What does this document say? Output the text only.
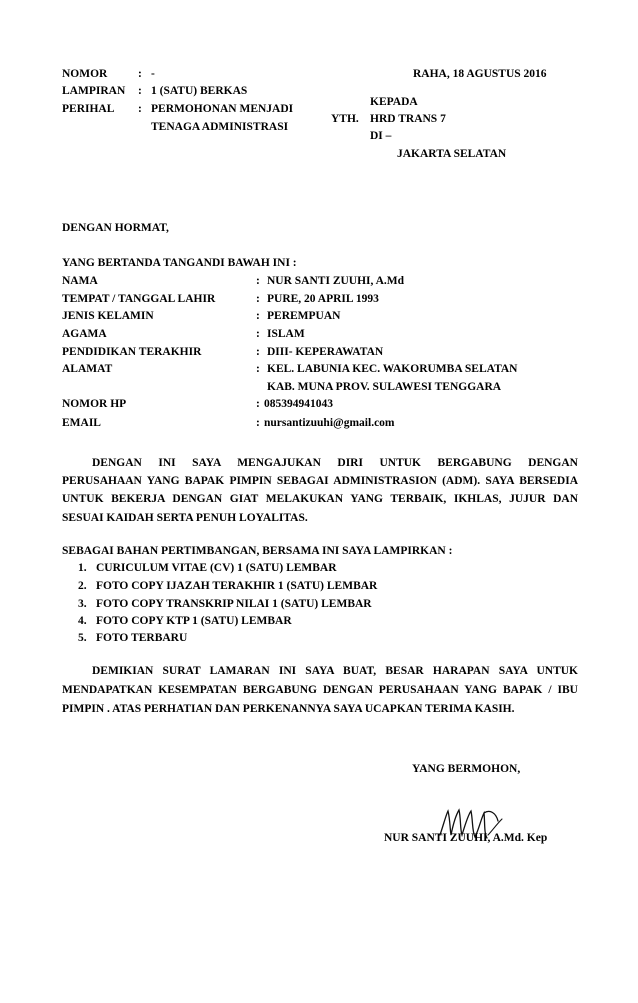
NOMOR	: -	RAHA, 18 AGUSTUS 2016
LAMPIRAN : 1 (SATU) BERKAS
KEPADA
PERIHAL : PERMOHONAN MENJADI
YTH. HRD TRANS 7
TENAGA ADMINISTRASI
DI –
JAKARTA SELATAN
DENGAN HORMAT,
YANG BERTANDA TANGANDI BAWAH INI :
NAMA	: NUR SANTI ZUUHI, A.Md
TEMPAT / TANGGAL LAHIR	: PURE, 20 APRIL 1993
JENIS KELAMIN	: PEREMPUAN
AGAMA	: ISLAM
PENDIDIKAN TERAKHIR	: DIII- KEPERAWATAN
ALAMAT	: KEL. LABUNIA KEC. WAKORUMBA SELATAN
KAB. MUNA PROV. SULAWESI TENGGARA
NOMOR HP	: 085394941043
EMAIL	: nursantizuuhi@gmail.com
DENGAN INI SAYA MENGAJUKAN DIRI UNTUK BERGABUNG DENGAN
PERUSAHAAN YANG BAPAK PIMPIN SEBAGAI ADMINISTRASION (ADM). SAYA BERSEDIA
UNTUK BEKERJA DENGAN GIAT MELAKUKAN YANG TERBAIK, IKHLAS, JUJUR DAN
SESUAI KAIDAH SERTA PENUH LOYALITAS.
SEBAGAI BAHAN PERTIMBANGAN, BERSAMA INI SAYA LAMPIRKAN :
1. CURICULUM VITAE (CV) 1 (SATU) LEMBAR
2. FOTO COPY IJAZAH TERAKHIR 1 (SATU) LEMBAR
3. FOTO COPY TRANSKRIP NILAI 1 (SATU) LEMBAR
4. FOTO COPY KTP 1 (SATU) LEMBAR
5. FOTO TERBARU
DEMIKIAN SURAT LAMARAN INI SAYA BUAT, BESAR HARAPAN SAYA UNTUK
MENDAPATKAN KESEMPATAN BERGABUNG DENGAN PERUSAHAAN YANG BAPAK / IBU
PIMPIN . ATAS PERHATIAN DAN PERKENANNYA SAYA UCAPKAN TERIMA KASIH.
YANG BERMOHON,
NUR SANTI ZUUHI, A.Md. Kep
